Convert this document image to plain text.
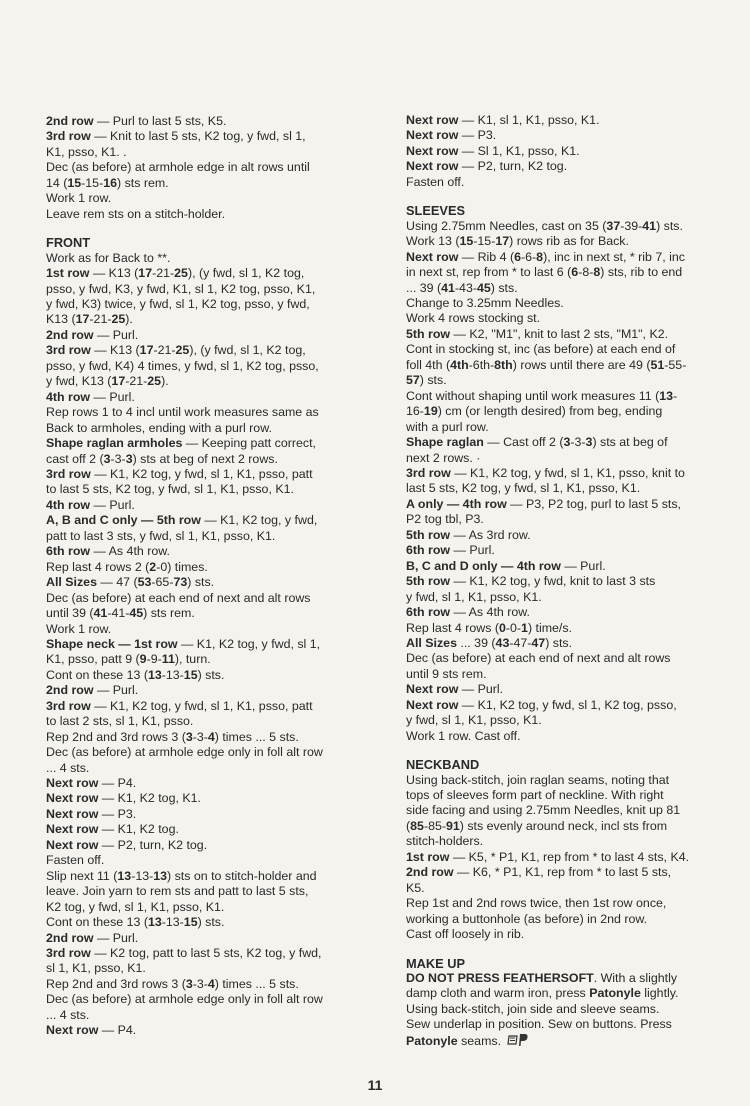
2nd row — Purl to last 5 sts, K5.
3rd row — Knit to last 5 sts, K2 tog, y fwd, sl 1,
K1, psso, K1. .
Dec (as before) at armhole edge in alt rows until
14 (15-15-16) sts rem.
Work 1 row.
Leave rem sts on a stitch-holder.
FRONT
Work as for Back to **.
1st row — K13 (17-21-25), (y fwd, sl 1, K2 tog,
psso, y fwd, K3, y fwd, K1, sl 1, K2 tog, psso, K1,
y fwd, K3) twice, y fwd, sl 1, K2 tog, psso, y fwd,
K13 (17-21-25).
2nd row — Purl.
3rd row — K13 (17-21-25), (y fwd, sl 1, K2 tog,
psso, y fwd, K4) 4 times, y fwd, sl 1, K2 tog, psso,
y fwd, K13 (17-21-25).
4th row — Purl.
Rep rows 1 to 4 incl until work measures same as
Back to armholes, ending with a purl row.
Shape raglan armholes — Keeping patt correct,
cast off 2 (3-3-3) sts at beg of next 2 rows.
3rd row — K1, K2 tog, y fwd, sl 1, K1, psso, patt
to last 5 sts, K2 tog, y fwd, sl 1, K1, psso, K1.
4th row — Purl.
A, B and C only — 5th row — K1, K2 tog, y fwd,
patt to last 3 sts, y fwd, sl 1, K1, psso, K1.
6th row — As 4th row.
Rep last 4 rows 2 (2-0) times.
All Sizes — 47 (53-65-73) sts.
Dec (as before) at each end of next and alt rows
until 39 (41-41-45) sts rem.
Work 1 row.
Shape neck — 1st row — K1, K2 tog, y fwd, sl 1,
K1, psso, patt 9 (9-9-11), turn.
Cont on these 13 (13-13-15) sts.
2nd row — Purl.
3rd row — K1, K2 tog, y fwd, sl 1, K1, psso, patt
to last 2 sts, sl 1, K1, psso.
Rep 2nd and 3rd rows 3 (3-3-4) times ... 5 sts.
Dec (as before) at armhole edge only in foll alt row
... 4 sts.
Next row — P4.
Next row — K1, K2 tog, K1.
Next row — P3.
Next row — K1, K2 tog.
Next row — P2, turn, K2 tog.
Fasten off.
Slip next 11 (13-13-13) sts on to stitch-holder and
leave. Join yarn to rem sts and patt to last 5 sts,
K2 tog, y fwd, sl 1, K1, psso, K1.
Cont on these 13 (13-13-15) sts.
2nd row — Purl.
3rd row — K2 tog, patt to last 5 sts, K2 tog, y fwd,
sl 1, K1, psso, K1.
Rep 2nd and 3rd rows 3 (3-3-4) times ... 5 sts.
Dec (as before) at armhole edge only in foll alt row
... 4 sts.
Next row — P4.
Next row — K1, sl 1, K1, psso, K1.
Next row — P3.
Next row — Sl 1, K1, psso, K1.
Next row — P2, turn, K2 tog.
Fasten off.
SLEEVES
Using 2.75mm Needles, cast on 35 (37-39-41) sts.
Work 13 (15-15-17) rows rib as for Back.
Next row — Rib 4 (6-6-8), inc in next st, * rib 7, inc
in next st, rep from * to last 6 (6-8-8) sts, rib to end
... 39 (41-43-45) sts.
Change to 3.25mm Needles.
Work 4 rows stocking st.
5th row — K2, "M1", knit to last 2 sts, "M1", K2.
Cont in stocking st, inc (as before) at each end of
foll 4th (4th-6th-8th) rows until there are 49 (51-55-
57) sts.
Cont without shaping until work measures 11 (13-
16-19) cm (or length desired) from beg, ending
with a purl row.
Shape raglan — Cast off 2 (3-3-3) sts at beg of
next 2 rows. ·
3rd row — K1, K2 tog, y fwd, sl 1, K1, psso, knit to
last 5 sts, K2 tog, y fwd, sl 1, K1, psso, K1.
A only — 4th row — P3, P2 tog, purl to last 5 sts,
P2 tog tbl, P3.
5th row — As 3rd row.
6th row — Purl.
B, C and D only — 4th row — Purl.
5th row — K1, K2 tog, y fwd, knit to last 3 sts
y fwd, sl 1, K1, psso, K1.
6th row — As 4th row.
Rep last 4 rows (0-0-1) time/s.
All Sizes ... 39 (43-47-47) sts.
Dec (as before) at each end of next and alt rows
until 9 sts rem.
Next row — Purl.
Next row — K1, K2 tog, y fwd, sl 1, K2 tog, psso,
y fwd, sl 1, K1, psso, K1.
Work 1 row. Cast off.
NECKBAND
Using back-stitch, join raglan seams, noting that
tops of sleeves form part of neckline. With right
side facing and using 2.75mm Needles, knit up 81
(85-85-91) sts evenly around neck, incl sts from
stitch-holders.
1st row — K5, * P1, K1, rep from * to last 4 sts, K4.
2nd row — K6, * P1, K1, rep from * to last 5 sts,
K5.
Rep 1st and 2nd rows twice, then 1st row once,
working a buttonhole (as before) in 2nd row.
Cast off loosely in rib.
MAKE UP
DO NOT PRESS FEATHERSOFT. With a slightly
damp cloth and warm iron, press Patonyle lightly.
Using back-stitch, join side and sleeve seams.
Sew underlap in position. Sew on buttons. Press
Patonyle seams.
11
